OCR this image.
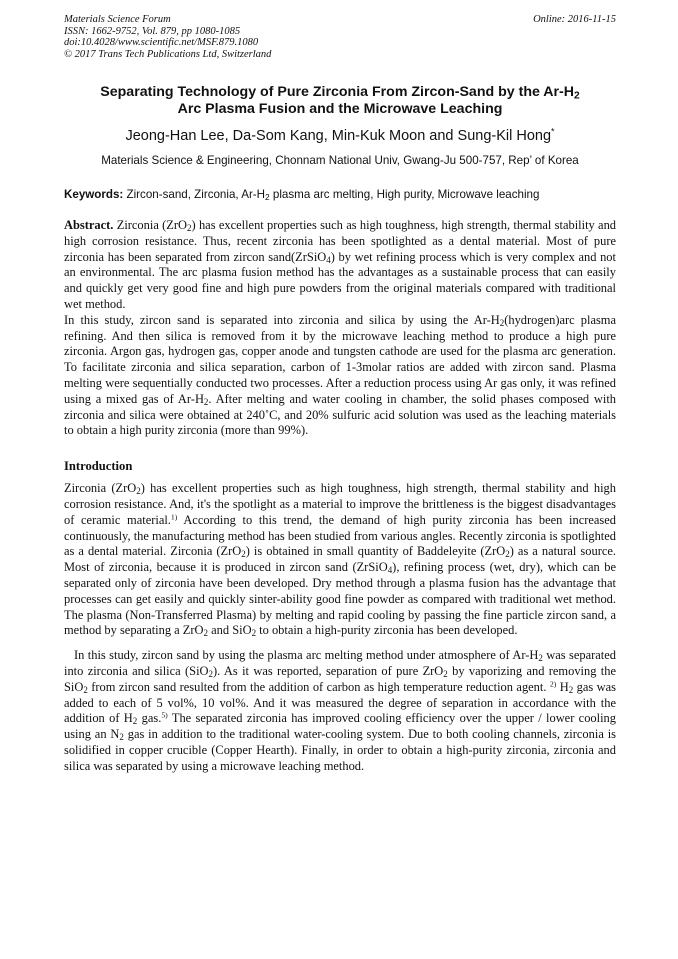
Materials Science Forum
ISSN: 1662-9752, Vol. 879, pp 1080-1085
doi:10.4028/www.scientific.net/MSF.879.1080
© 2017 Trans Tech Publications Ltd, Switzerland
Online: 2016-11-15
Separating Technology of Pure Zirconia From Zircon-Sand by the $Ar-H_2$
Arc Plasma Fusion and the Microwave Leaching
Jeong-Han Lee, Da-Som Kang, Min-Kuk Moon and Sung-Kil Hong*
Materials Science & Engineering, Chonnam National Univ, Gwang-Ju 500-757, Rep’ of Korea
Keywords: Zircon-sand, Zirconia, $Ar-H_2$ plasma arc melting, High purity, Microwave leaching

Abstract. Zirconia (ZrO$_2$) has excellent properties such as high toughness, high strength, thermal stability and high corrosion resistance. Thus, recent zirconia has been spotlighted as a dental material. Most of pure zirconia has been separated from zircon sand(ZrSiO$_4$) by wet refining process which is very complex and not an environmental. The arc plasma fusion method has the advantages as a sustainable process that can easily and quickly get very good fine and high pure powders from the original materials compared with traditional wet method.

In this study, zircon sand is separated into zirconia and silica by using the $Ar-H_2(hydrogen)arc$ plasma refining. And then silica is removed from it by the microwave leaching method to produce a high pure zirconia. Argon gas, hydrogen gas, copper anode and tungsten cathode are used for the plasma arc generation. To facilitate zirconia and silica separation, carbon of 1-3molar ratios are added with zircon sand. Plasma melting were sequentially conducted two processes. After a reduction process using Ar gas only, it was refined using a mixed gas of $Ar-H_2$. After melting and water cooling in chamber, the solid phases composed with zirconia and silica were obtained at 240˚C, and 20% sulfuric acid solution was used as the leaching materials to obtain a high purity zirconia (more than 99%).

Introduction

Zirconia (ZrO$_2$) has excellent properties such as high toughness, high strength, thermal stability and high corrosion resistance. And, it's the spotlight as a material to improve the brittleness is the biggest disadvantages of ceramic material.$^{1)}$ According to this trend, the demand of high purity zirconia has been increased continuously, the manufacturing method has been studied from various angles. Recently zirconia is spotlighted as a dental material. Zirconia (ZrO$_2$) is obtained in small quantity of Baddeleyite (ZrO$_2$) as a natural source. Most of zirconia, because it is produced in zircon sand (ZrSiO$_4$), refining process (wet, dry), which can be separated only of zirconia have been developed. Dry method through a plasma fusion has the advantage that processes can get easily and quickly sinter-ability good fine powder as compared with traditional wet method. The plasma (Non-Transferred Plasma) by melting and rapid cooling by passing the fine particle zircon sand, a method by separating a ZrO$_2$ and SiO$_2$ to obtain a high-purity zirconia has been developed.

In this study, zircon sand by using the plasma arc melting method under atmosphere of $Ar-H_2$ was separated into zirconia and silica (SiO$_2$). As it was reported, separation of pure ZrO$_2$ by vaporizing and removing the SiO$_2$ from zircon sand resulted from the addition of carbon as high temperature reduction agent. $^{2)}$ $H_2$ gas was added to each of 5 vol%, 10 vol%. And it was measured the degree of separation in accordance with the addition of $H_2$ gas.$^{5)}$ The separated zirconia has improved cooling efficiency over the upper / lower cooling using an $N_2$ gas in addition to the traditional water-cooling system. Due to both cooling channels, zirconia is solidified in copper crucible (Copper Hearth). Finally, in order to obtain a high-purity zirconia, zirconia and silica was separated by using a microwave leaching method.
